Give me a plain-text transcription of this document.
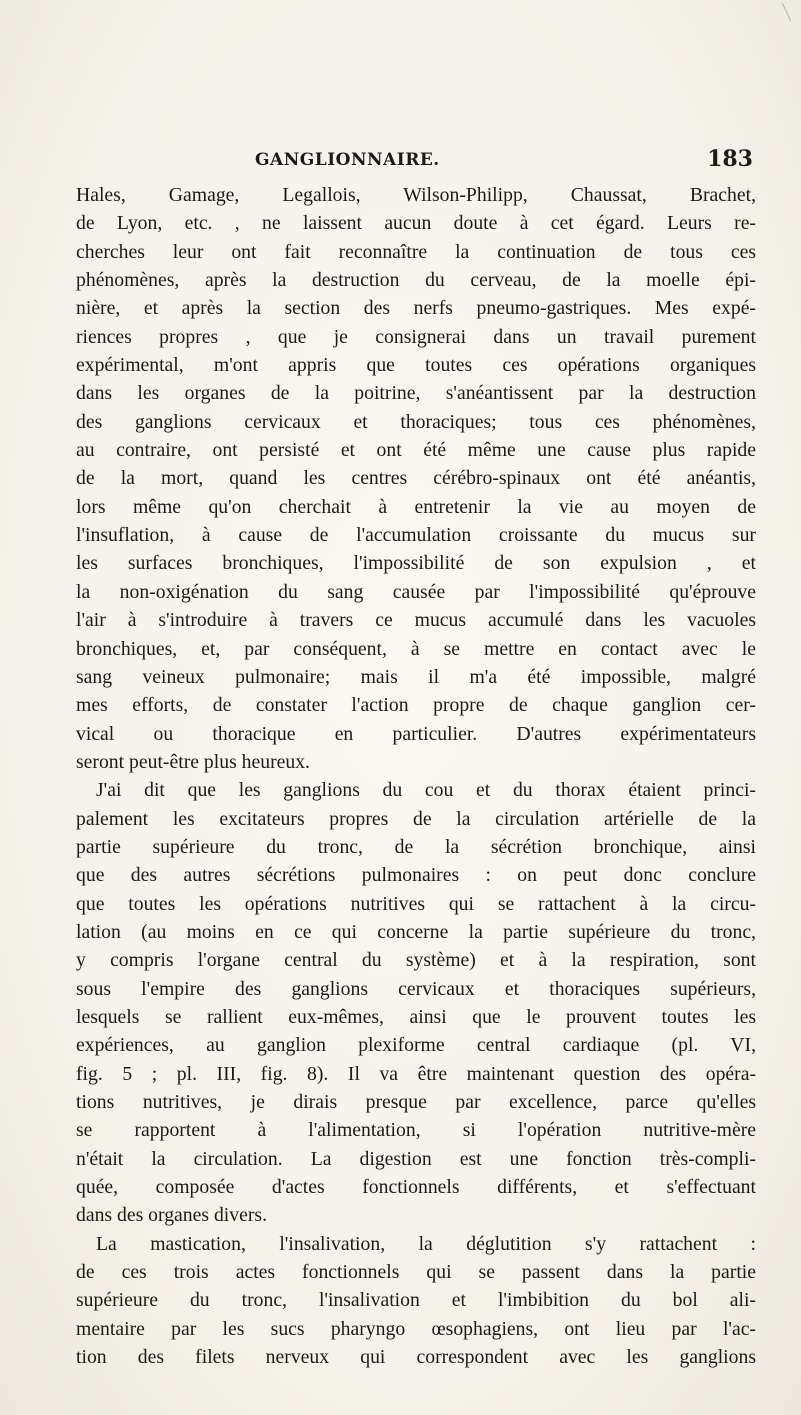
GANGLIONNAIRE.	183
Hales, Gamage, Legallois, Wilson-Philipp, Chaussat, Brachet,
de Lyon, etc. , ne laissent aucun doute à cet égard. Leurs re-
cherches leur ont fait reconnaître la continuation de tous ces
phénomènes, après la destruction du cerveau, de la moelle épi-
nière, et après la section des nerfs pneumo-gastriques. Mes expé-
riences propres , que je consignerai dans un travail purement
expérimental, m'ont appris que toutes ces opérations organiques
dans les organes de la poitrine, s'anéantissent par la destruction
des ganglions cervicaux et thoraciques; tous ces phénomènes,
au contraire, ont persisté et ont été même une cause plus rapide
de la mort, quand les centres cérébro-spinaux ont été anéantis,
lors même qu'on cherchait à entretenir la vie au moyen de
l'insuflation, à cause de l'accumulation croissante du mucus sur
les surfaces bronchiques, l'impossibilité de son expulsion , et
la non-oxigénation du sang causée par l'impossibilité qu'éprouve
l'air à s'introduire à travers ce mucus accumulé dans les vacuoles
bronchiques, et, par conséquent, à se mettre en contact avec le
sang veineux pulmonaire; mais il m'a été impossible, malgré
mes efforts, de constater l'action propre de chaque ganglion cer-
vical ou thoracique en particulier. D'autres expérimentateurs
seront peut-être plus heureux.
J'ai dit que les ganglions du cou et du thorax étaient princi-
palement les excitateurs propres de la circulation artérielle de la
partie supérieure du tronc, de la sécrétion bronchique, ainsi
que des autres sécrétions pulmonaires : on peut donc conclure
que toutes les opérations nutritives qui se rattachent à la circu-
lation (au moins en ce qui concerne la partie supérieure du tronc,
y compris l'organe central du système) et à la respiration, sont
sous l'empire des ganglions cervicaux et thoraciques supérieurs,
lesquels se rallient eux-mêmes, ainsi que le prouvent toutes les
expériences, au ganglion plexiforme central cardiaque (pl. VI,
fig. 5 ; pl. III, fig. 8). Il va être maintenant question des opéra-
tions nutritives, je dirais presque par excellence, parce qu'elles
se rapportent à l'alimentation, si l'opération nutritive-mère
n'était la circulation. La digestion est une fonction très-compli-
quée, composée d'actes fonctionnels différents, et s'effectuant
dans des organes divers.
La mastication, l'insalivation, la déglutition s'y rattachent :
de ces trois actes fonctionnels qui se passent dans la partie
supérieure du tronc, l'insalivation et l'imbibition du bol ali-
mentaire par les sucs pharyngo œsophagiens, ont lieu par l'ac-
tion des filets nerveux qui correspondent avec les ganglions
